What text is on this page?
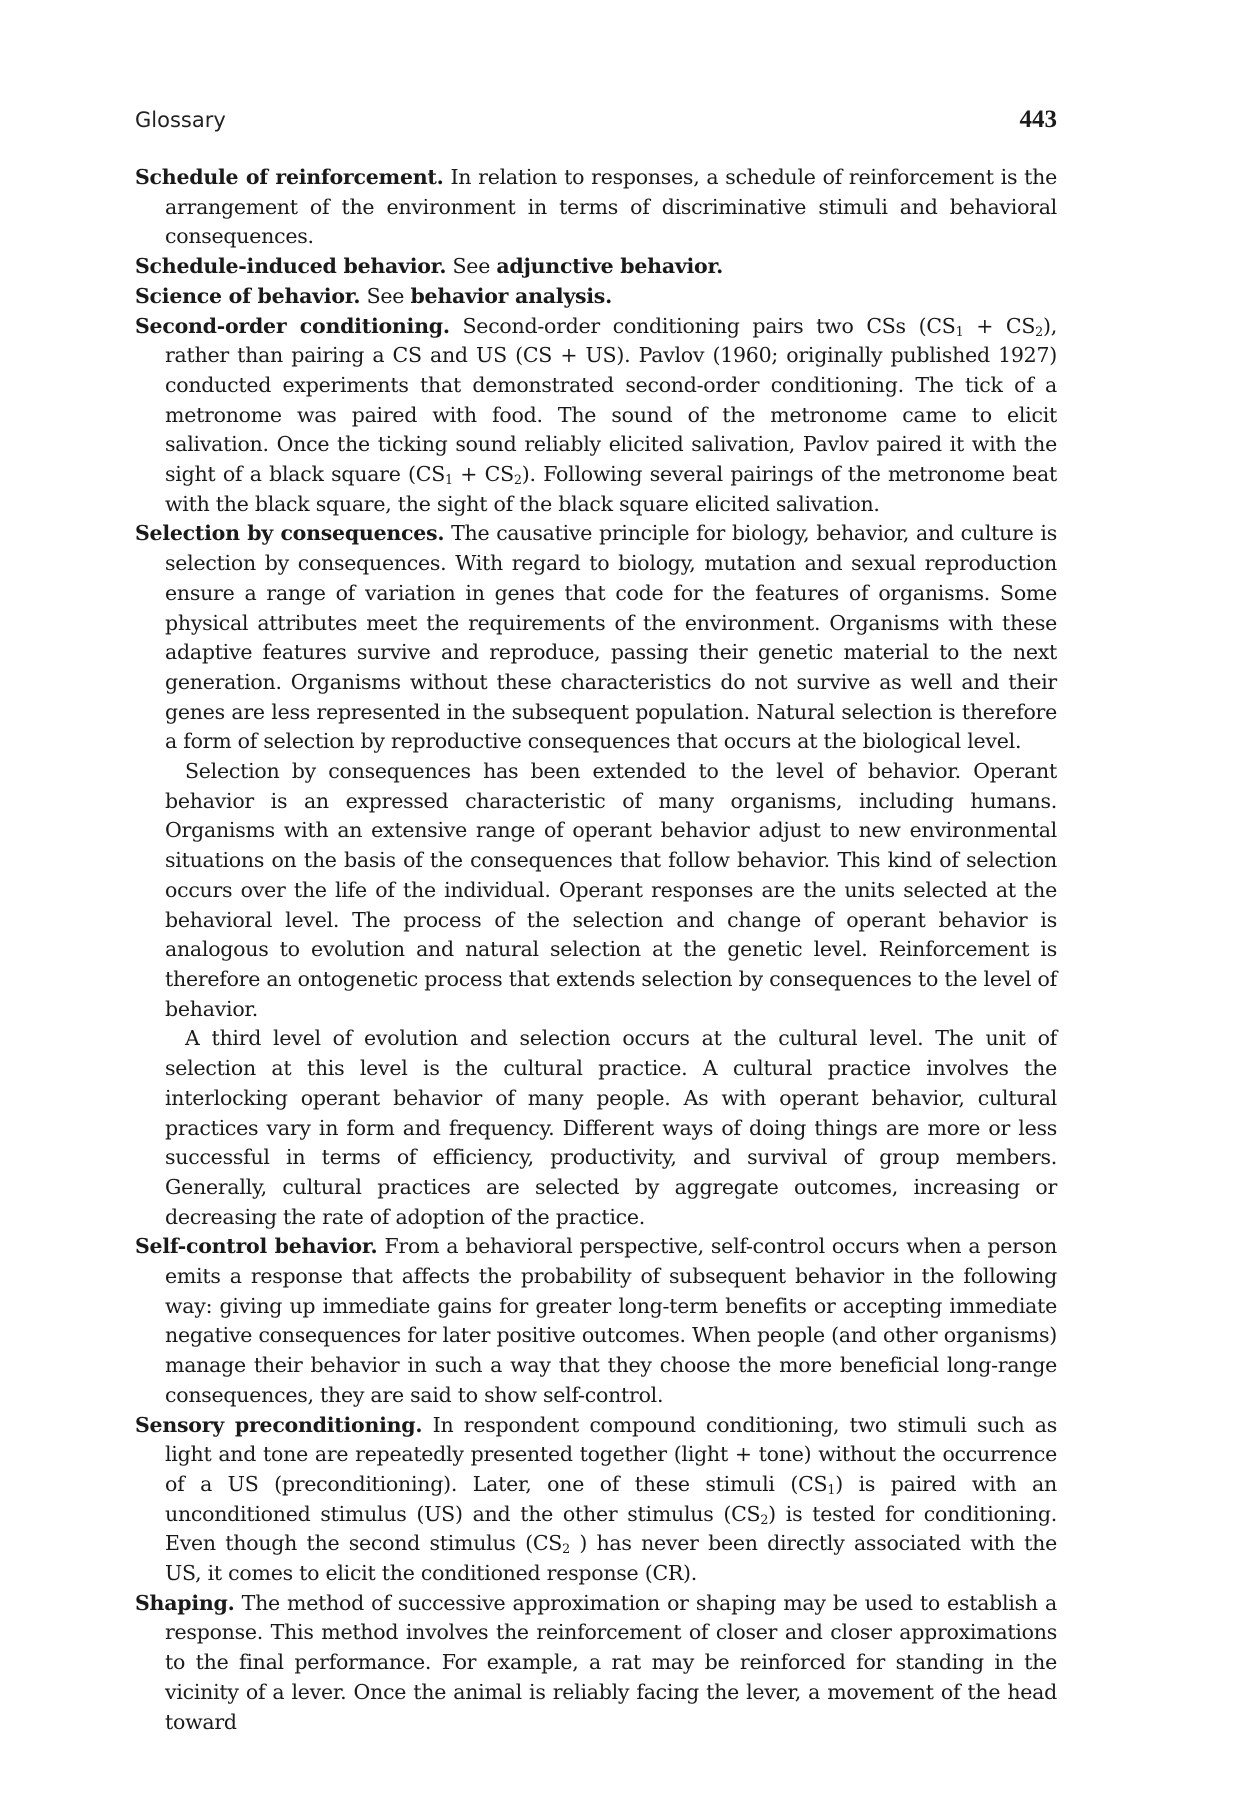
Glossary	443

Schedule of reinforcement. In relation to responses, a schedule of reinforcement is the arrangement of the environment in terms of discriminative stimuli and behavioral consequences.

Schedule-induced behavior. See adjunctive behavior.

Science of behavior. See behavior analysis.

Second-order conditioning. Second-order conditioning pairs two CSs $(CS_1 + CS_2)$, rather than pairing a CS and US (CS + US). Pavlov (1960; originally published 1927) conducted experiments that demonstrated second-order conditioning. The tick of a metronome was paired with food. The sound of the metronome came to elicit salivation. Once the ticking sound reliably elicited salivation, Pavlov paired it with the sight of a black square $(CS_1 + CS_2)$. Following several pairings of the metronome beat with the black square, the sight of the black square elicited salivation.

Selection by consequences. The causative principle for biology, behavior, and culture is selection by consequences. With regard to biology, mutation and sexual reproduction ensure a range of variation in genes that code for the features of organisms. Some physical attributes meet the requirements of the environment. Organisms with these adaptive features survive and reproduce, passing their genetic material to the next generation. Organisms without these characteristics do not survive as well and their genes are less represented in the subsequent population. Natural selection is therefore a form of selection by reproductive consequences that occurs at the biological level.

Selection by consequences has been extended to the level of behavior. Operant behavior is an expressed characteristic of many organisms, including humans. Organisms with an extensive range of operant behavior adjust to new environmental situations on the basis of the consequences that follow behavior. This kind of selection occurs over the life of the individual. Operant responses are the units selected at the behavioral level. The process of the selection and change of operant behavior is analogous to evolution and natural selection at the genetic level. Reinforcement is therefore an ontogenetic process that extends selection by consequences to the level of behavior.

A third level of evolution and selection occurs at the cultural level. The unit of selection at this level is the cultural practice. A cultural practice involves the interlocking operant behavior of many people. As with operant behavior, cultural practices vary in form and frequency. Different ways of doing things are more or less successful in terms of efficiency, productivity, and survival of group members. Generally, cultural practices are selected by aggregate outcomes, increasing or decreasing the rate of adoption of the practice.

Self-control behavior. From a behavioral perspective, self-control occurs when a person emits a response that affects the probability of subsequent behavior in the following way: giving up immediate gains for greater long-term benefits or accepting immediate negative consequences for later positive outcomes. When people (and other organisms) manage their behavior in such a way that they choose the more beneficial long-range consequences, they are said to show self-control.

Sensory preconditioning. In respondent compound conditioning, two stimuli such as light and tone are repeatedly presented together (light + tone) without the occurrence of a US (preconditioning). Later, one of these stimuli $(CS_1)$ is paired with an unconditioned stimulus (US) and the other stimulus $(CS_2)$ is tested for conditioning. Even though the second stimulus ($CS_2$ ) has never been directly associated with the US, it comes to elicit the conditioned response (CR).

Shaping. The method of successive approximation or shaping may be used to establish a response. This method involves the reinforcement of closer and closer approximations to the final performance. For example, a rat may be reinforced for standing in the vicinity of a lever. Once the animal is reliably facing the lever, a movement of the head toward
